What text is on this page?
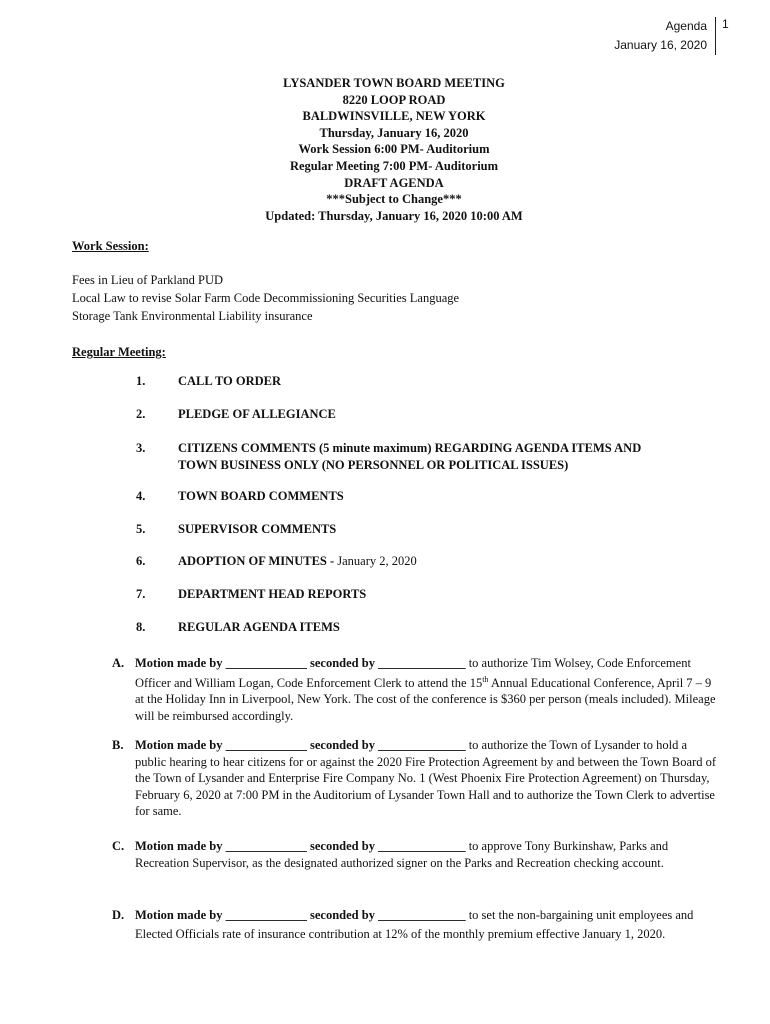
Agenda
January 16, 2020
1
LYSANDER TOWN BOARD MEETING
8220 LOOP ROAD
BALDWINSVILLE, NEW YORK
Thursday, January 16, 2020
Work Session 6:00 PM- Auditorium
Regular Meeting 7:00 PM- Auditorium
DRAFT AGENDA
***Subject to Change***
Updated: Thursday, January 16, 2020 10:00 AM
Work Session:
Fees in Lieu of Parkland PUD
Local Law to revise Solar Farm Code Decommissioning Securities Language
Storage Tank Environmental Liability insurance
Regular Meeting:
1.	CALL TO ORDER
2.	PLEDGE OF ALLEGIANCE
3.	CITIZENS COMMENTS (5 minute maximum) REGARDING AGENDA ITEMS AND
TOWN BUSINESS ONLY (NO PERSONNEL OR POLITICAL ISSUES)
4.	TOWN BOARD COMMENTS
5.	SUPERVISOR COMMENTS
6.	ADOPTION OF MINUTES - January 2, 2020
7.	DEPARTMENT HEAD REPORTS
8.	REGULAR AGENDA ITEMS
A. Motion made by _____________ seconded by ______________ to authorize Tim Wolsey, Code Enforcement Officer and William Logan, Code Enforcement Clerk to attend the 15th Annual Educational Conference, April 7 – 9 at the Holiday Inn in Liverpool, New York. The cost of the conference is $360 per person (meals included). Mileage will be reimbursed accordingly.
B. Motion made by _____________ seconded by ______________ to authorize the Town of Lysander to hold a public hearing to hear citizens for or against the 2020 Fire Protection Agreement by and between the Town Board of the Town of Lysander and Enterprise Fire Company No. 1 (West Phoenix Fire Protection Agreement) on Thursday, February 6, 2020 at 7:00 PM in the Auditorium of Lysander Town Hall and to authorize the Town Clerk to advertise for same.
C. Motion made by _____________ seconded by ______________ to approve Tony Burkinshaw, Parks and Recreation Supervisor, as the designated authorized signer on the Parks and Recreation checking account.
D. Motion made by _____________ seconded by ______________ to set the non-bargaining unit employees and Elected Officials rate of insurance contribution at 12% of the monthly premium effective January 1, 2020.
